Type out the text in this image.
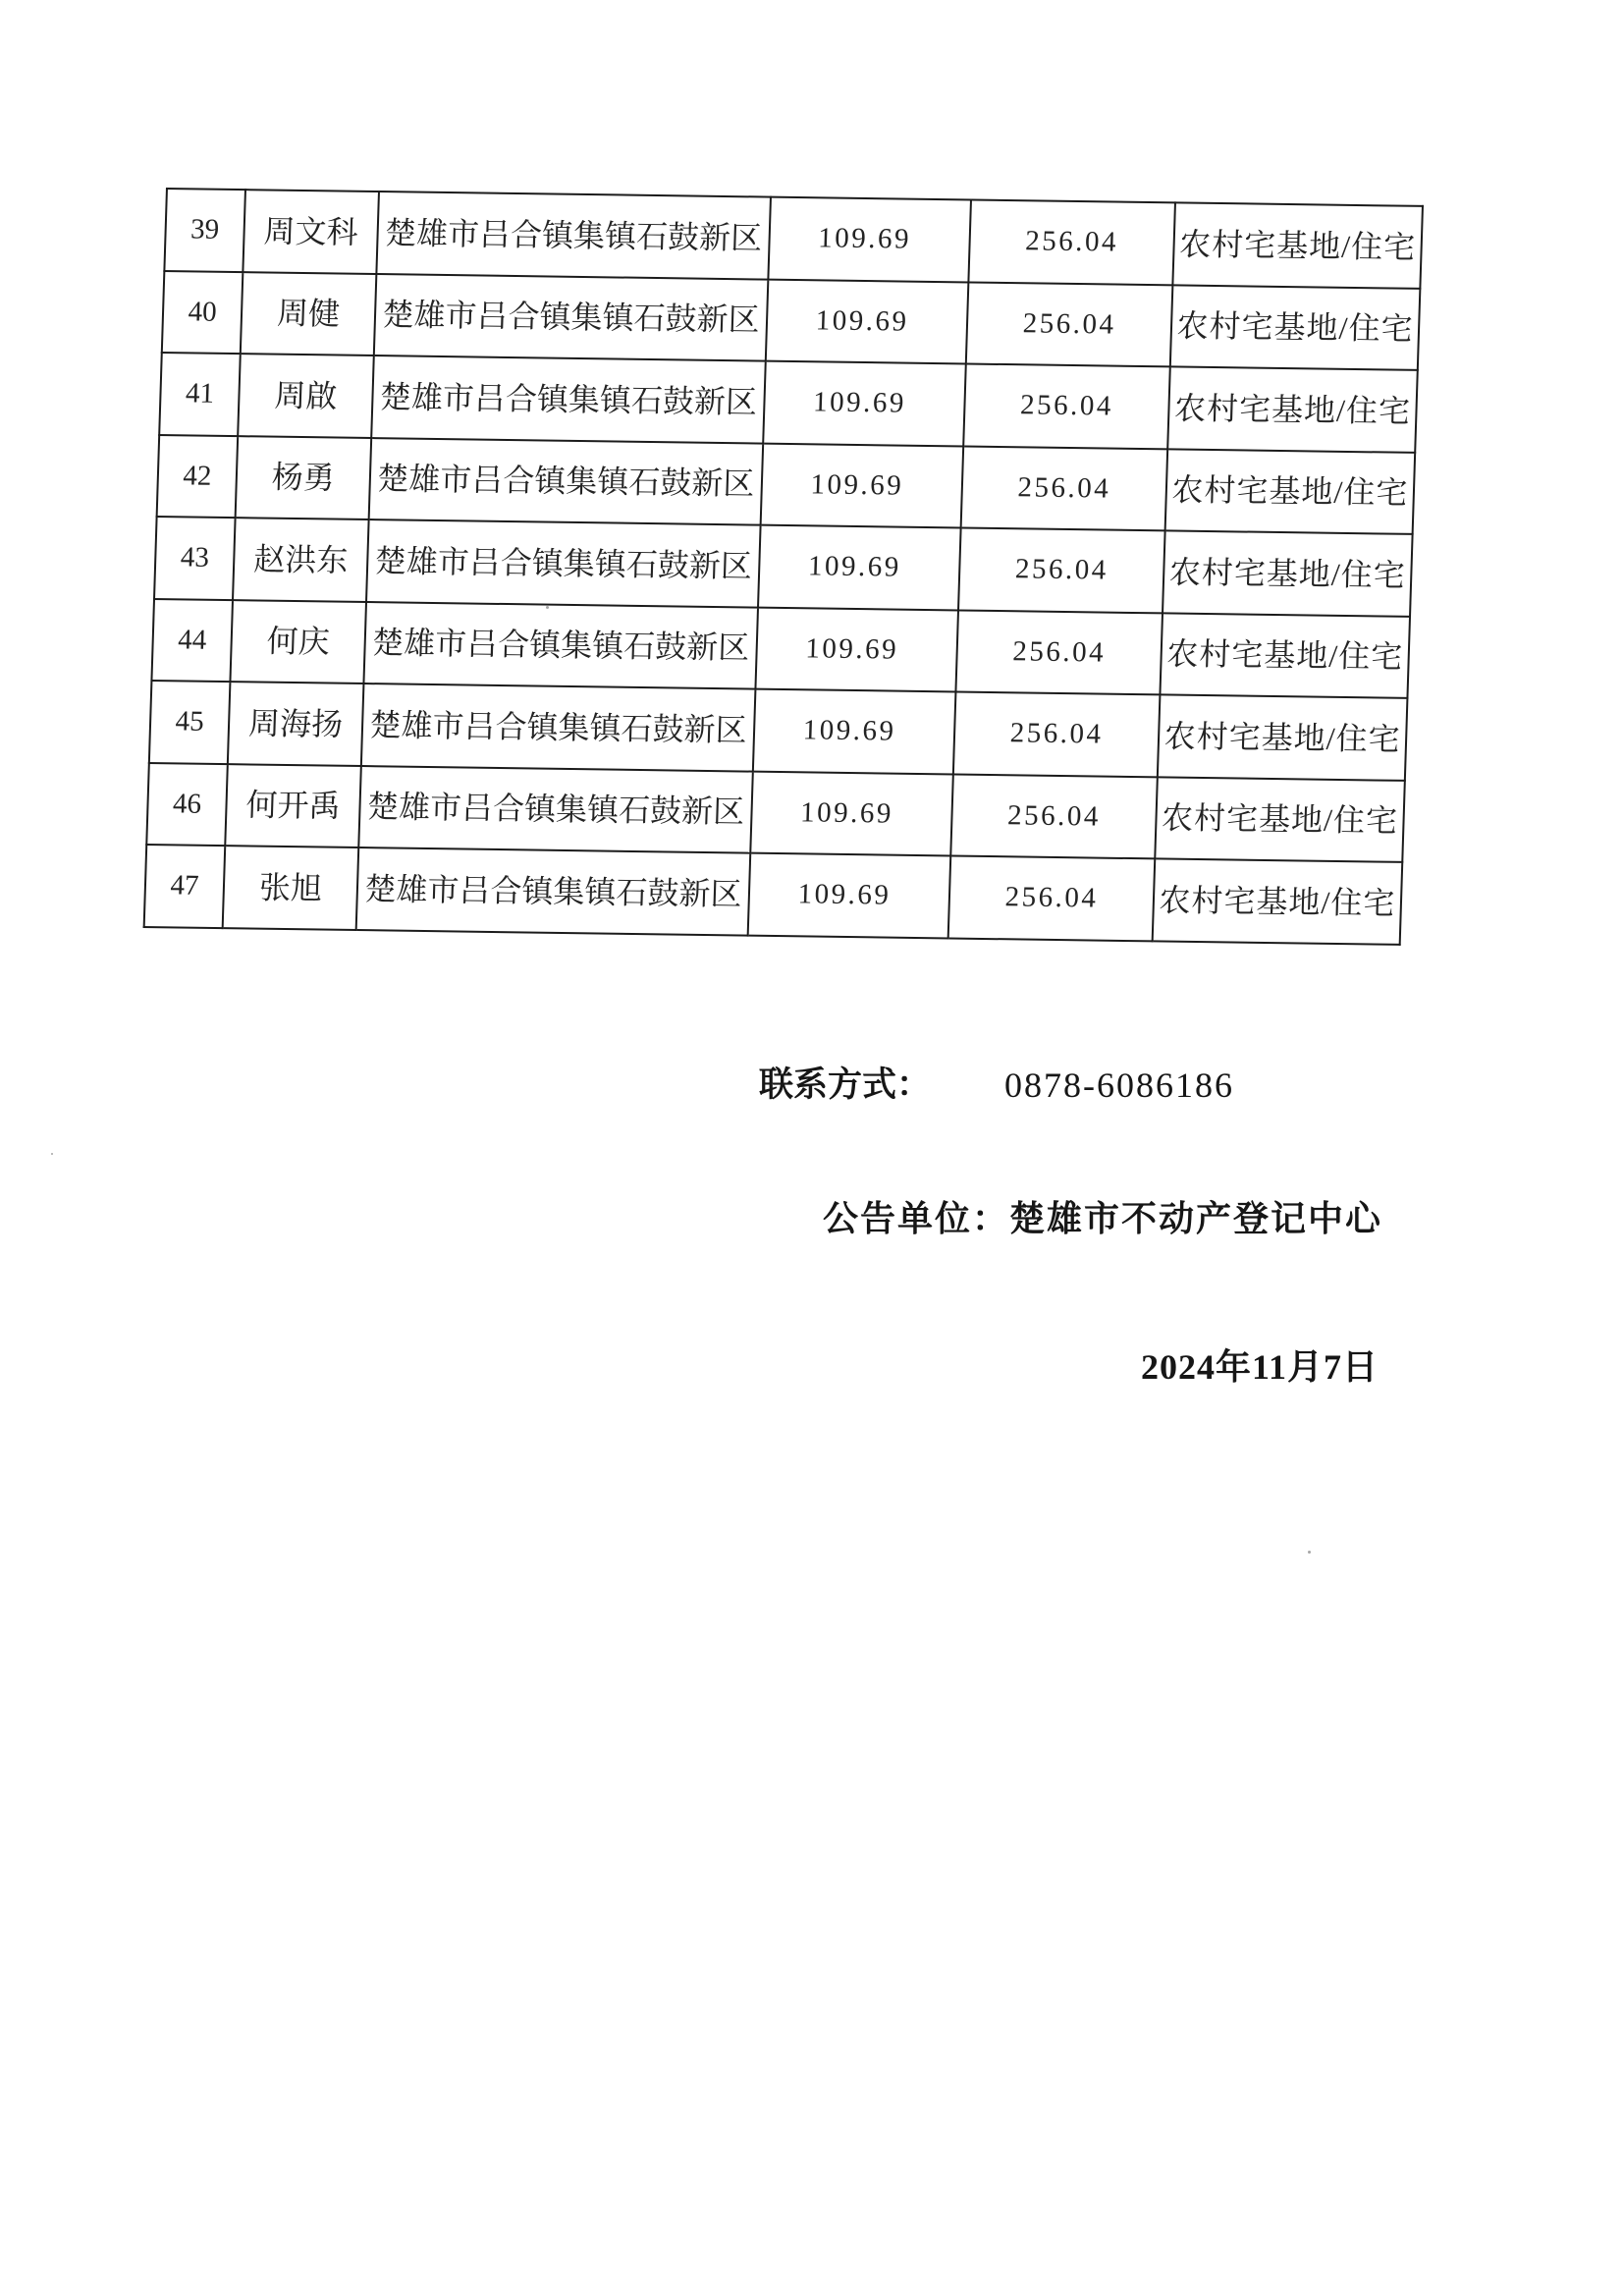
39	周文科	楚雄市吕合镇集镇石鼓新区	109.69	256.04	农村宅基地/住宅
40	周健	楚雄市吕合镇集镇石鼓新区	109.69	256.04	农村宅基地/住宅
41	周啟	楚雄市吕合镇集镇石鼓新区	109.69	256.04	农村宅基地/住宅
42	杨勇	楚雄市吕合镇集镇石鼓新区	109.69	256.04	农村宅基地/住宅
43	赵洪东	楚雄市吕合镇集镇石鼓新区	109.69	256.04	农村宅基地/住宅
44	何庆	楚雄市吕合镇集镇石鼓新区	109.69	256.04	农村宅基地/住宅
45	周海扬	楚雄市吕合镇集镇石鼓新区	109.69	256.04	农村宅基地/住宅
46	何开禹	楚雄市吕合镇集镇石鼓新区	109.69	256.04	农村宅基地/住宅
47	张旭	楚雄市吕合镇集镇石鼓新区	109.69	256.04	农村宅基地/住宅
联系方式： 0878-6086186
公告单位：楚雄市不动产登记中心
2024年11月7日
